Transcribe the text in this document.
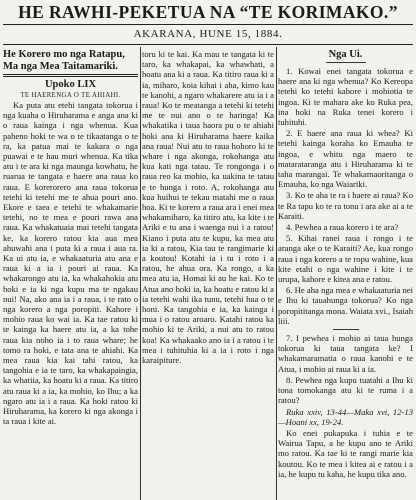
HE RAWHI-PEKETUA NA “TE KORIMAKO.”
AKARANA, HUNE 15, 1884.
He Korero mo nga Ratapu, Ma nga Mea Taitamariki.
Upoko LIX
TE HAERENGA O TE AHIAHI.

Ka puta atu etehi tangata tokorua i nga kuaha o Hiruharama e anga ana ki o raua kainga i nga whenua. Kua paheno hoki te wa o te tikaatanga o te ra, ka patua mai te kakara o nga puawai e te hau muri whenua. Ka tika atu i te ara ki nga maunga kowhatu, he ruarua te tangata e haere ana raua ko raua. E korerorero ana raua tokorua tetehi ki tetehi me te ahua pouri ano. Ekore e taea e tetehi te whakamarie tetehi, no te mea e pouri rawa ana raua. Ka whakatuaia mai tetehi tangata ke, ka korero ratou kia aua mea ahuwahi ana i puta ki a raua i aua ra. Ka ui atu ia, e whakaaturia atu ana e raua ki a ia i pouri ai raua. Ka whakarongo atu ia, ka whakahokia atu hoki e ia ki nga kupu ma te ngakau nui! Na, ako ana ia i a raua, i te rato o nga korero a nga poropiti. Kahore i mohio raua ko wai ia. Ka tae ratou ki te kainga ka haere atu ia, a ka tohe raua kia noho ia i to raua whare; he tomo ra hoki, e tata ana te ahiahi. Ka mea raua kia kai tahi ratou, ka tangohia e ia te taro, ka whakapaingia, ka whatiia, ka hoatu ki a raua. Ka titiro atu raua ki a ia, ka mohio, ko Ihu; a ka ngaro atu ia i a raua. Ka hoki ratou ki Hiruharama, ka korero ki nga akonga i ta raua i kite ai.

toru ki te kai. Ka mau te tangata ki te taro, ka whakapai, ka whawhati, a hoatu ana ki a raua. Ka titiro raua ki a ia, miharo, koia kihai i aha, kimo kau te kanohi, a ngaro whakarere atu ia i a raua! Ko te meatanga a tetehi ki tetehi me te nui ano o te haringa! Ka whakatika i taua haora pu o te ahiahi hoki ana ki Hiruharama haere kaika ana raua! Nui atu to raua hohoro ki te whare i nga akonga, rokohanga atu kua kati nga tatau. Te rongonga i o raua reo ka mohio, ka uakina te tatau e te hunga i roto. A, rokohanga atu kua huihui te tekau matahi me o raua hoa. Ki te korero a raua ara i enei mea whakamiharo, ka titiro atu, ka kite i te Ariki e tu ana i waenga nui i a ratou! Kiano i puta atu te kupu, ka mea atu ia ki a ratou, Kia tau te rangimarie ki a koutou! Kotahi ia i tu i roto i a ratou, he ahua ora. Ka rongo, a ka mea atu ia, Homai ki au he kai. Ko te Atua ano hoki ia, ka hoatu e ratou ki a ia tetehi wahi ika tunu, tetehi hua o te honi. Ka tangohia e ia, ka kainga i mua i o ratou aroaro. Katahi ratou ka mohio ki te Ariki, a nui atu to ratou koa! Ka whakaako ano ia i a ratou i te mea i tuhituhia ki a ia i roto i nga karaipiture.

Nga Ui.

1. Kowai enei tangata tokorua e haere ana ki nga whenua? Ko Kereopa tetehi ko tetehi kahore i mohiotia te ingoa. Ki te mahara ake ko Ruka pea, ina hoki na Ruka tenei korero i tuhituhi.

2. E haere ana raua ki whea? Ki tetehi kainga koraha ko Emauha te ingoa, e whitu nga maero te matarataranga atu i Hiruharama ki te taha marangai. Te whakamaoritanga o Emauha, ko nga Waiariki.

3. Ko te aha te ra i haere ai raua? Ko te Ra tapu ko te ra tonu i ara ake ai a te Karaiti.

4. Pewhea a raua korero i te ara?

5. Kihai ranei raua i rongo i te aranga ake o te Karaiti? Ae, kua rongo raua i nga korero a te ropu wahine, kua kite etahi o nga wahine i kite i te urupa, kahore e kitea ana e ratou.

6. He aha nga mea e whakaaturia nei e Ihu ki tauahunga tokorua? Ko nga poropititanga mona. Waiata xvi., Isaiah liii.

7. I pewhea i mohio ai taua hunga tokorua ki taua tangata ke? I whakamaramatia o raua kanohi e te Atua, i mohio ai raua ki a ia.

8. Pewhea nga kupu tuatahi a Ihu ki tona tomokanga atu ki te ruma i a ratou?

Ruka xxiv, 13-44—Maka xvi, 12-13—Hoani xx, 19-24.

Ko enei pukapuka i tuhia e te Wairua Tapu, a he kupu ano te Ariki mo ratou. Ka tae ki te rangi marie kia koutou. Ko te mea i kitea ai e ratou i a ia, he kupu tu kaha, he kupu tika ano.
